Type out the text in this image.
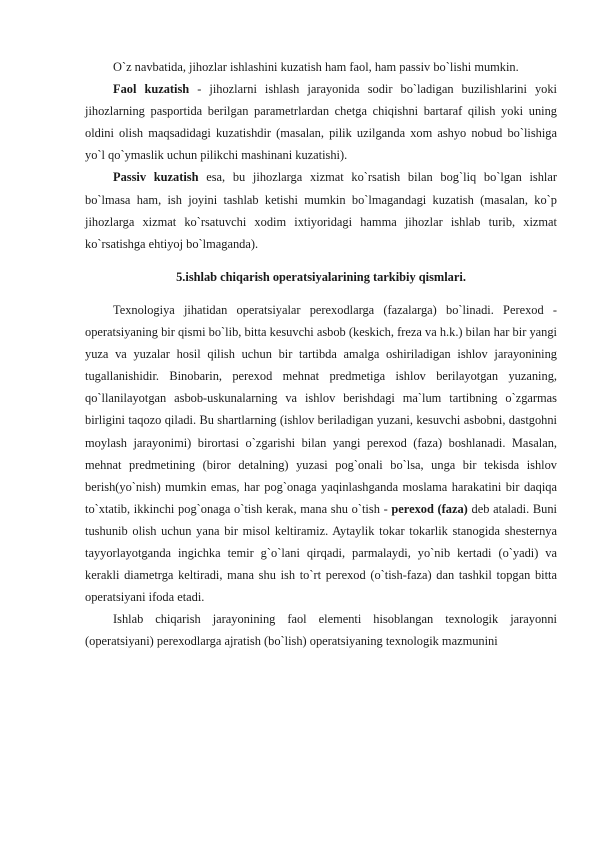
O`z navbatida, jihozlar ishlashini kuzatish ham faol, ham passiv bo`lishi mumkin.

Faol kuzatish - jihozlarni ishlash jarayonida sodir bo`ladigan buzilishlarini yoki jihozlarning pasportida berilgan parametrlardan chetga chiqishni bartaraf qilish yoki uning oldini olish maqsadidagi kuzatishdir (masalan, pilik uzilganda xom ashyo nobud bo`lishiga yo`l qo`ymaslik uchun pilikchi mashinani kuzatishi).

Passiv kuzatish esa, bu jihozlarga xizmat ko`rsatish bilan bog`liq bo`lgan ishlar bo`lmasa ham, ish joyini tashlab ketishi mumkin bo`lmagandagi kuzatish (masalan, ko`p jihozlarga xizmat ko`rsatuvchi xodim ixtiyoridagi hamma jihozlar ishlab turib, xizmat ko`rsatishga ehtiyoj bo`lmaganda).

5.ishlab chiqarish operatsiyalarining tarkibiy qismlari.

Texnologiya jihatidan operatsiyalar perexodlarga (fazalarga) bo`linadi. Perexod - operatsiyaning bir qismi bo`lib, bitta kesuvchi asbob (keskich, freza va h.k.) bilan har bir yangi yuza va yuzalar hosil qilish uchun bir tartibda amalga oshiriladigan ishlov jarayonining tugallanishidir. Binobarin, perexod mehnat predmetiga ishlov berilayotgan yuzaning, qo`llanilayotgan asbob-uskunalarning va ishlov berishdagi ma`lum tartibning o`zgarmas birligini taqozo qiladi. Bu shartlarning (ishlov beriladigan yuzani, kesuvchi asbobni, dastgohni moylash jarayonimi) birortasi o`zgarishi bilan yangi perexod (faza) boshlanadi. Masalan, mehnat predmetining (biror detalning) yuzasi pog`onali bo`lsa, unga bir tekisda ishlov berish(yo`nish) mumkin emas, har pog`onaga yaqinlashganda moslama harakatini bir daqiqa to`xtatib, ikkinchi pog`onaga o`tish kerak, mana shu o`tish - perexod (faza) deb ataladi. Buni tushunib olish uchun yana bir misol keltiramiz. Aytaylik tokar tokarlik stanogida shesternya tayyorlayotganda ingichka temir g`o`lani qirqadi, parmalaydi, yo`nib kertadi (o`yadi) va kerakli diametrga keltiradi, mana shu ish to`rt perexod (o`tish-faza) dan tashkil topgan bitta operatsiyani ifoda etadi.

Ishlab chiqarish jarayonining faol elementi hisoblangan texnologik jarayonni (operatsiyani) perexodlarga ajratish (bo`lish) operatsiyaning texnologik mazmunini
